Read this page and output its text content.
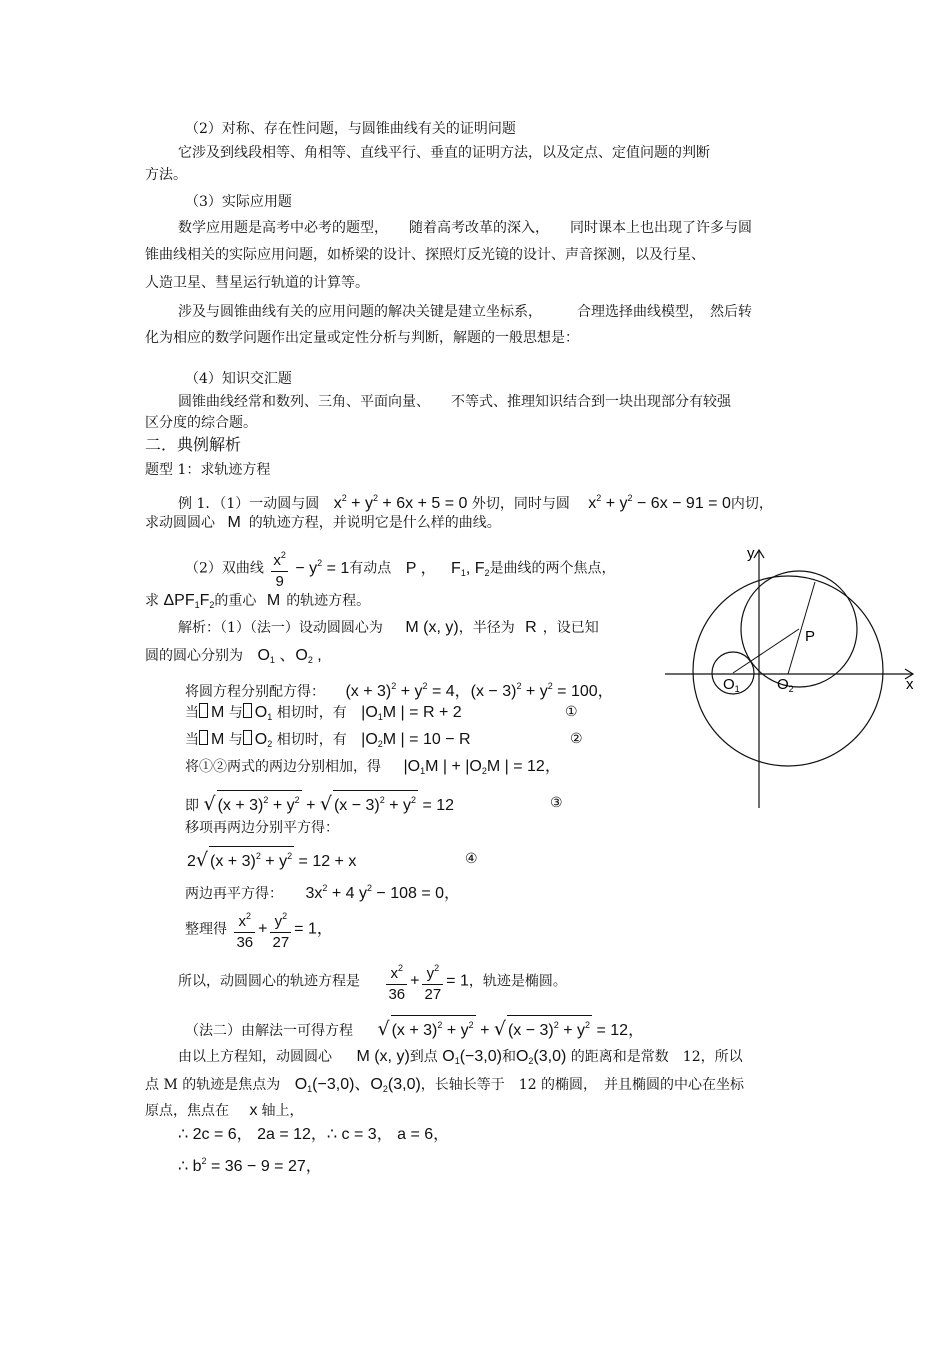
（2）对称、存在性问题，与圆锥曲线有关的证明问题
它涉及到线段相等、角相等、直线平行、垂直的证明方法，以及定点、定值问题的判断
方法。
（3）实际应用题
数学应用题是高考中必考的题型，　　随着高考改革的深入，　　同时课本上也出现了许多与圆
锥曲线相关的实际应用问题，如桥梁的设计、探照灯反光镜的设计、声音探测，以及行星、
人造卫星、彗星运行轨道的计算等。
涉及与圆锥曲线有关的应用问题的解决关键是建立坐标系，　　　合理选择曲线模型，　然后转
化为相应的数学问题作出定量或定性分析与判断，解题的一般思想是：
（4）知识交汇题
圆锥曲线经常和数列、三角、平面向量、　　不等式、推理知识结合到一块出现部分有较强
区分度的综合题。
二．典例解析
题型 1：求轨迹方程
例 1．（1）一动圆与圆 $x^2 + y^2 + 6x + 5 = 0$ 外切，同时与圆 $x^2 + y^2 - 6x - 91 = 0$内切，
求动圆圆心 M 的轨迹方程，并说明它是什么样的曲线。
（2）双曲线 $\frac{x^2}{9} - y^2 = 1$有动点 P ， $F_1$, $F_2$是曲线的两个焦点，
求 $\Delta PF_1F_2$的重心 M 的轨迹方程。
解析：（1）（法一）设动圆圆心为 M (x, y)，半径为 R ，设已知
圆的圆心分别为 $O_1$ 、$O_2$ ,
将圆方程分别配方得： $(x + 3)^2 + y^2 = 4$，$(x - 3)^2 + y^2 = 100$，
当 M 与 $O_1$ 相切时，有 $|O_1M$ | = R + 2	①
当 M 与 $O_2$ 相切时，有 $|O_2M$ | = 10 − R	②
将①②两式的两边分别相加，得 $|O_1M$ | + $|O_2M$ | = 12，
即 √ $(x + 3)^2 + y^2$ + √ $(x - 3)^2 + y^2 = 12$	③
移项再两边分别平方得：
2√ $(x + 3)^2 + y^2 = 12 + x$	④
两边再平方得： $3x^2 + 4$ $y^2 - 108 = 0$，
整理得 $\frac{x^2}{36} + \frac{y^2}{27} = 1$，
所以，动圆圆心的轨迹方程是 $\frac{x^2}{36} + \frac{y^2}{27} = 1$，轨迹是椭圆。
（法二）由解法一可得方程 √ $(x + 3)^2 + y^2$ + √ $(x - 3)^2 + y^2 = 12$，
由以上方程知，动圆圆心 M (x, y)到点 $O_1(-3,0)$和$O_2(3,0)$ 的距离和是常数　12，所以
点 M 的轨迹是焦点为 $O_1(-3,0)$、$O_2(3,0)$，长轴长等于　12 的椭圆，　并且椭圆的中心在坐标
原点，焦点在 x 轴上，
∴ 2c = 6， 2a = 12，∴ c = 3， a = 6，
∴ $b^2 = 36 - 9 = 27$，
x
y
P
$O_1$ $O_2$
